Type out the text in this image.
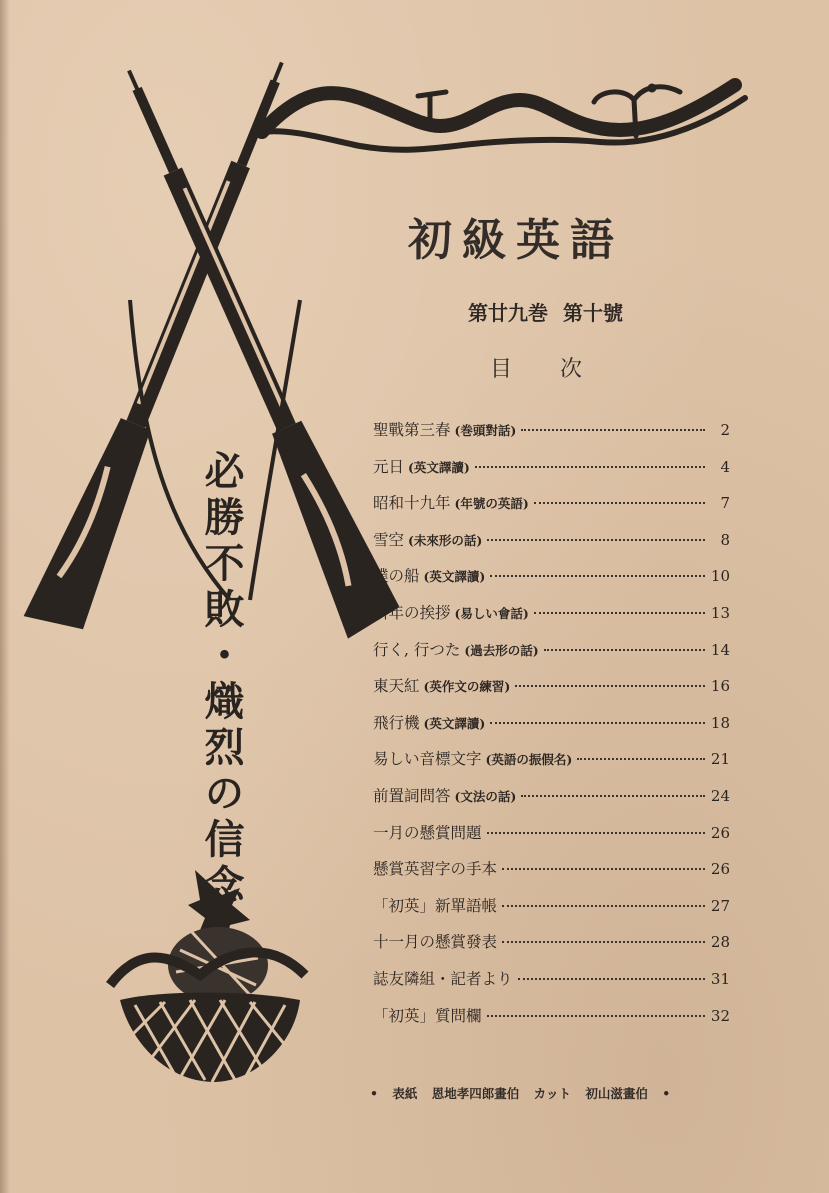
必勝不敗・熾烈の信念
初級英語
第廿九巻 第十號
目次
聖戰第三春 (巻頭對話)	2
元日 (英文譯讀)	4
昭和十九年 (年號の英語)	7
雪空 (未來形の話)	8
僕の船 (英文譯讀)	10
新年の挨拶 (易しい會話)	13
行く, 行つた (過去形の話)	14
東天紅 (英作文の練習)	16
飛行機 (英文譯讀)	18
易しい音標文字 (英語の振假名)	21
前置詞問答 (文法の話)	24
一月の懸賞問題	26
懸賞英習字の手本	26
「初英」新單語帳	27
十一月の懸賞發表	28
誌友隣組・記者より	31
「初英」質問欄	32
• 表紙 恩地孝四郎畫伯 カット 初山滋畫伯 •
